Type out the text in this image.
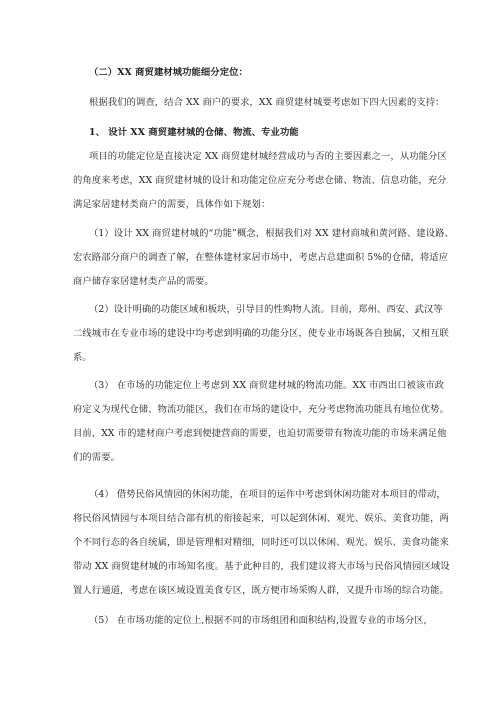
（二）XX 商贸建材城功能细分定位：
根据我们的调查，结合 XX 商户的要求，XX 商贸建材城要考虑如下四大因素的支持：
1、 设计 XX 商贸建材城的仓储、物流、专业功能
项目的功能定位是直接决定 XX 商贸建材城经营成功与否的主要因素之一，从功能分区
的角度来考虑，XX 商贸建材城的设计和功能定位应充分考虑仓储、物流、信息功能，充分
满足家居建材类商户的需要，具体作如下规划：
（1）设计 XX 商贸建材城的“功能”概念，根据我们对 XX 建材商城和黄河路、建设路、
宏农路部分商户的调查了解，在整体建材家居市场中，考虑占总建面积 5%的仓储，将适应
商户储存家居建材类产品的需要。
（2）设计明确的功能区域和板块，引导目的性购物人流。目前，郑州、西安、武汉等
二线城市在专业市场的建设中均考虑到明确的功能分区，使专业市场既各自独属，又相互联
系。
（3） 在市场的功能定位上考虑到 XX 商贸建材城的物流功能。XX 市西出口被该市政
府定义为现代仓储、物流功能区，我们在市场的建设中，充分考虑物流功能具有地位优势。
目前，XX 市的建材商户考虑到便捷营商的需要，也迫切需要带有物流功能的市场来满足他
们的需要。
（4） 借势民俗风情园的休闲功能，在项目的运作中考虑到休闲功能对本项目的带动，
将民俗风情园与本项目结合部有机的衔接起来，可以起到休闲、观光、娱乐、美食功能，两
个不同行态的各自统属，即是管理相对精细，同时还可以以休闲、观光、娱乐、美食功能来
带动 XX 商贸建材城的市场知名度。基于此种目的，我们建议将大市场与民俗风情园区域设
置人行通道，考虑在该区域设置美食专区，既方便市场采购人群，又提升市场的综合功能。
（5） 在市场功能的定位上,根据不同的市场组团和面积结构,设置专业的市场分区,
